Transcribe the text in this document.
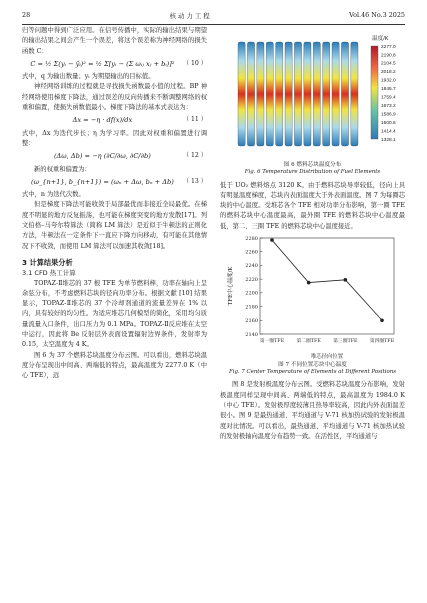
28	核 动 力 工 程	Vol.46 No.3 2025

归等问题中得到广泛应用。在信号传播中，实际的输出结果与期望的输出结果之间会产生一个误差，将这个误差称为神经网络的损失函数 C：

C = ½ Σ(yᵢ − ŷᵢ)² = ½ Σ[yᵢ − (Σ ωᵢⱼ xⱼ + bᵢ)]²	（ 10 ）

式中，q 为输出数量；yᵢ 为期望输出的目标值。

神经网络训练的过程就是寻找损失函数最小值的过程。BP 神经网络使用梯度下降法，通过误差的反向传播来不断调整网络的权重和偏置，使损失函数值最小。梯度下降法的基本式表达为：

Δx = −η · df(x)/dx	（ 11 ）

式中，Δx 为迭代步长；η 为学习率。因此对权重和偏置进行调整：

(Δω, Δb) = −η (∂C/∂ω, ∂C/∂b)	（ 12 ）

新的权重和偏置为：

(ω_{n+1}, b_{n+1}) = (ωₙ + Δω, bₙ + Δb)	（ 13 ）

式中，n 为迭代次数。

但是梯度下降法可能收敛于局部最优而非接近全局最优。在梯度不明显的地方反复振荡，也可能在梯度突变的地方发散[17]。列文伯格–马夸尔特算法（简称 LM 算法）是近似于牛顿法的正则化方法，牛顿法在一定条件下一直应下降方向移动，有可能在其他情况下不收敛，而使用 LM 算法可以加速其收敛[18]。

3 计算结果分析
3.1 CFD 热工计算

TOPAZ-Ⅱ堆芯的 37 根 TFE 为单节燃料棒，功率在轴向上呈余弦分布，不考虑燃料芯块的径向功率分布。根据文献 [10] 结果显示，TOPAZ-Ⅱ堆芯的 37 个冷却剂通道的流量差异在 1% 以内，具有较好的均匀性。为适应堆芯几何模型的简化，采用均匀质量流量入口条件，出口压力为 0.1 MPa。TOPAZ-Ⅱ反应堆在太空中运行，因此将 Be 反射层外表面设置辐射边界条件，发射率为 0.15，太空温度为 4 K。

图 6 为 37 个燃料芯块温度分布云图。可以看出，燃料芯块温度分布呈现出中间高、两端低的特点，最高温度为 2277.0 K（中心 TFE），远

温度/K
2277.0
2190.8
2104.5
2018.2
1932.0
1845.7
1759.4
1673.2
1586.9
1500.6
1414.4
1328.1
图 6 燃料芯块温度分布
Fig. 6 Temperature Distribution of Fuel Elements

低于 UO₂ 燃料熔点 3120 K。由于燃料芯块导率较低，径向上具有明显温度梯度，芯块内表面温度大于外表面温度。图 7 为每圈芯块的中心温度。受堆芯各个 TFE 相对功率分布影响，第一圈 TFE 的燃料芯块中心温度最高，最外圈 TFE 的燃料芯块中心温度最低，第二、三圈 TFE 的燃料芯块中心温度接近。

TFE中心温度/K
堆芯径向位置
2140
2160
2180
2200
2220
2240
2260
2280
第一圈TFE	第二圈TFE	第三圈TFE	第四圈TFE
图 7 不同位置芯块中心温度
Fig. 7 Center Temperature of Elements at Different Positions

图 8 是发射极温度分布云图。受燃料芯块温度分布影响，发射极温度同样呈现中间高、两端低的特点，最高温度为 1984.0 K（中心 TFE）。发射极厚度较薄且热导率较高，因此内外表面温差很小。图 9 是最热通道、平均通道与 V-71 核加热试验的发射极温度对比情况。可以看出，最热通道、平均通道与 V-71 核加热试验的发射极轴向温度分布趋势一致。在活性区，平均通道与
